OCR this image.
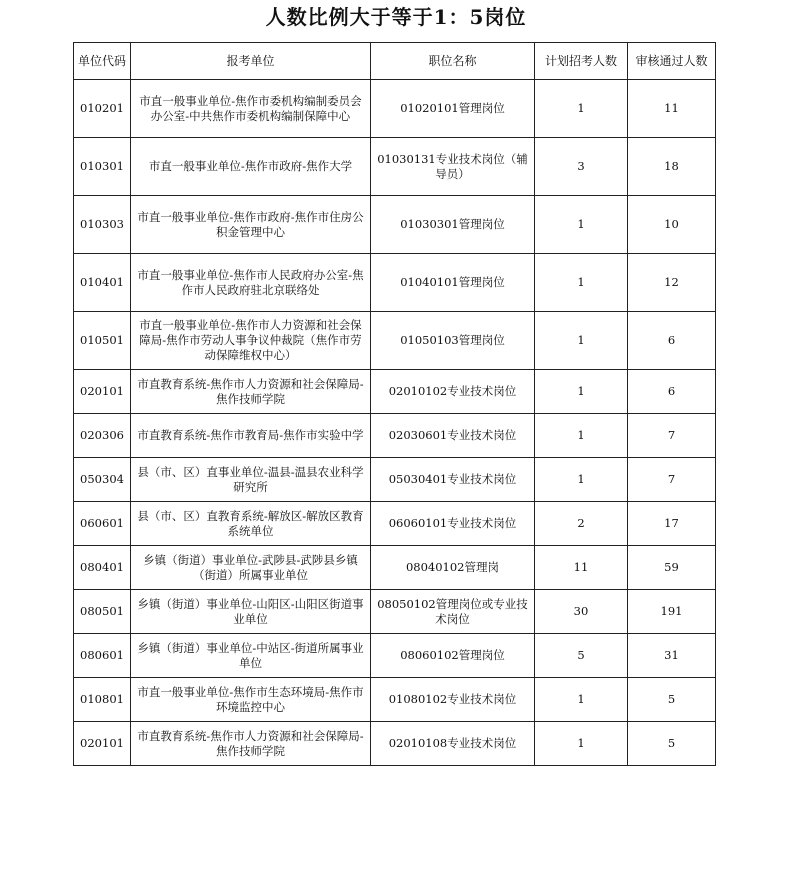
人数比例大于等于1：5岗位
单位代码	报考单位	职位名称	计划招考人数	审核通过人数
010201	市直一般事业单位-焦作市委机构编制委员会办公室-中共焦作市委机构编制保障中心	01020101管理岗位	1	11
010301	市直一般事业单位-焦作市政府-焦作大学	01030131专业技术岗位（辅导员）	3	18
010303	市直一般事业单位-焦作市政府-焦作市住房公积金管理中心	01030301管理岗位	1	10
010401	市直一般事业单位-焦作市人民政府办公室-焦作市人民政府驻北京联络处	01040101管理岗位	1	12
010501	市直一般事业单位-焦作市人力资源和社会保障局-焦作市劳动人事争议仲裁院（焦作市劳动保障维权中心）	01050103管理岗位	1	6
020101	市直教育系统-焦作市人力资源和社会保障局-焦作技师学院	02010102专业技术岗位	1	6
020306	市直教育系统-焦作市教育局-焦作市实验中学	02030601专业技术岗位	1	7
050304	县（市、区）直事业单位-温县-温县农业科学研究所	05030401专业技术岗位	1	7
060601	县（市、区）直教育系统-解放区-解放区教育系统单位	06060101专业技术岗位	2	17
080401	乡镇（街道）事业单位-武陟县-武陟县乡镇（街道）所属事业单位	08040102管理岗	11	59
080501	乡镇（街道）事业单位-山阳区-山阳区街道事业单位	08050102管理岗位或专业技术岗位	30	191
080601	乡镇（街道）事业单位-中站区-街道所属事业单位	08060102管理岗位	5	31
010801	市直一般事业单位-焦作市生态环境局-焦作市环境监控中心	01080102专业技术岗位	1	5
020101	市直教育系统-焦作市人力资源和社会保障局-焦作技师学院	02010108专业技术岗位	1	5
